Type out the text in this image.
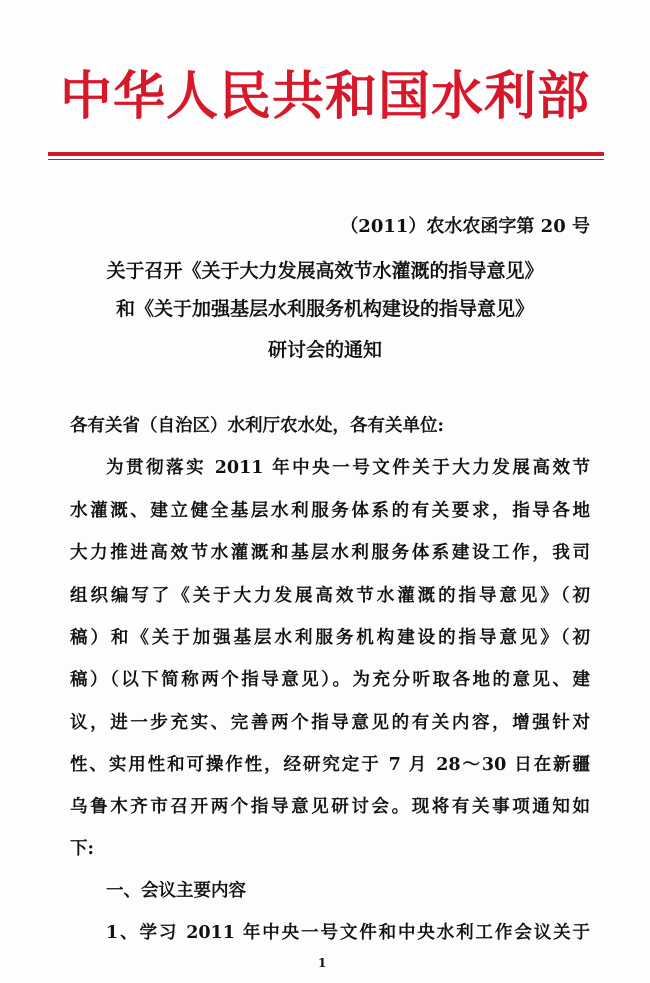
中华人民共和国水利部
（2011）农水农函字第 20 号
关于召开《关于大力发展高效节水灌溉的指导意见》
和《关于加强基层水利服务机构建设的指导意见》
研讨会的通知
各有关省（自治区）水利厅农水处，各有关单位:
为贯彻落实 2011 年中央一号文件关于大力发展高效节
水灌溉、建立健全基层水利服务体系的有关要求，指导各地
大力推进高效节水灌溉和基层水利服务体系建设工作，我司
组织编写了《关于大力发展高效节水灌溉的指导意见》（初
稿）和《关于加强基层水利服务机构建设的指导意见》（初
稿）（以下简称两个指导意见）。为充分听取各地的意见、建
议，进一步充实、完善两个指导意见的有关内容，增强针对
性、实用性和可操作性，经研究定于 7 月 28～30 日在新疆
乌鲁木齐市召开两个指导意见研讨会。现将有关事项通知如
下:
一、会议主要内容
1、学习 2011 年中央一号文件和中央水利工作会议关于
1
